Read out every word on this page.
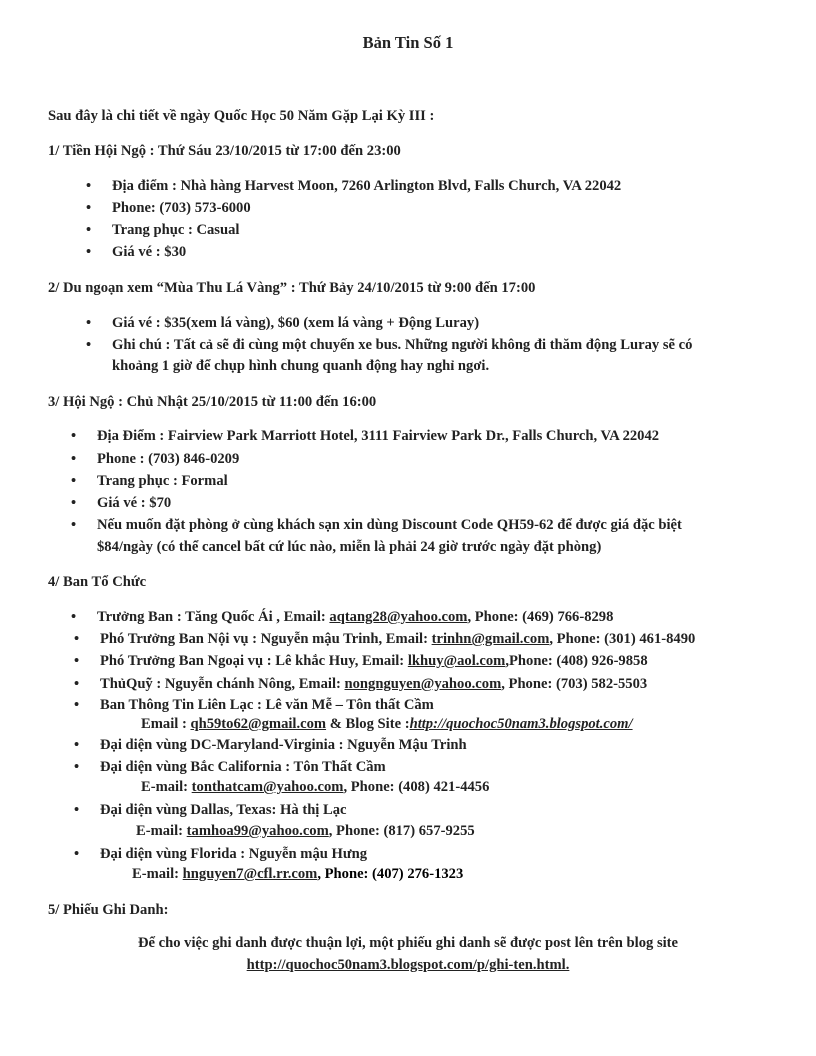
Bản Tin Số 1
Sau đây là chi tiết về ngày Quốc Học 50 Năm Gặp Lại Kỳ III :
1/ Tiền Hội Ngộ : Thứ Sáu 23/10/2015 từ 17:00 đến 23:00
• Địa điểm : Nhà hàng Harvest Moon, 7260 Arlington Blvd, Falls Church, VA 22042
• Phone: (703) 573-6000
• Trang phục : Casual
• Giá vé : $30
2/ Du ngoạn xem “Mùa Thu Lá Vàng” : Thứ Bảy 24/10/2015 từ 9:00 đến 17:00
• Giá vé : $35(xem lá vàng), $60 (xem lá vàng + Động Luray)
• Ghi chú : Tất cả sẽ đi cùng một chuyến xe bus. Những người không đi thăm động Luray sẽ có
khoảng 1 giờ để chụp hình chung quanh động hay nghỉ ngơi.
3/ Hội Ngộ : Chủ Nhật 25/10/2015 từ 11:00 đến 16:00
• Địa Điểm : Fairview Park Marriott Hotel, 3111 Fairview Park Dr., Falls Church, VA 22042
• Phone : (703) 846-0209
• Trang phục : Formal
• Giá vé : $70
• Nếu muốn đặt phòng ở cùng khách sạn xin dùng Discount Code QH59-62 để được giá đặc biệt
$84/ngày (có thể cancel bất cứ lúc nào, miễn là phải 24 giờ trước ngày đặt phòng)
4/ Ban Tổ Chức
• Trưởng Ban : Tăng Quốc Ái , Email: aqtang28@yahoo.com, Phone: (469) 766-8298
• Phó Trưởng Ban Nội vụ : Nguyễn mậu Trinh, Email: trinhn@gmail.com, Phone: (301) 461-8490
• Phó Trưởng Ban Ngoại vụ : Lê khắc Huy, Email: lkhuy@aol.com,Phone: (408) 926-9858
• ThủQuỹ : Nguyễn chánh Nông, Email: nongnguyen@yahoo.com, Phone: (703) 582-5503
• Ban Thông Tin Liên Lạc : Lê văn Mễ – Tôn thất Cầm
Email : qh59to62@gmail.com & Blog Site :http://quochoc50nam3.blogspot.com/
• Đại diện vùng DC-Maryland-Virginia : Nguyễn Mậu Trinh
• Đại diện vùng Bắc California : Tôn Thất Cầm
E-mail: tonthatcam@yahoo.com, Phone: (408) 421-4456
• Đại diện vùng Dallas, Texas: Hà thị Lạc
E-mail: tamhoa99@yahoo.com, Phone: (817) 657-9255
• Đại diện vùng Florida : Nguyễn mậu Hưng
E-mail: hnguyen7@cfl.rr.com, Phone: (407) 276-1323
5/ Phiếu Ghi Danh:
Để cho việc ghi danh được thuận lợi, một phiếu ghi danh sẽ được post lên trên blog site
http://quochoc50nam3.blogspot.com/p/ghi-ten.html.
